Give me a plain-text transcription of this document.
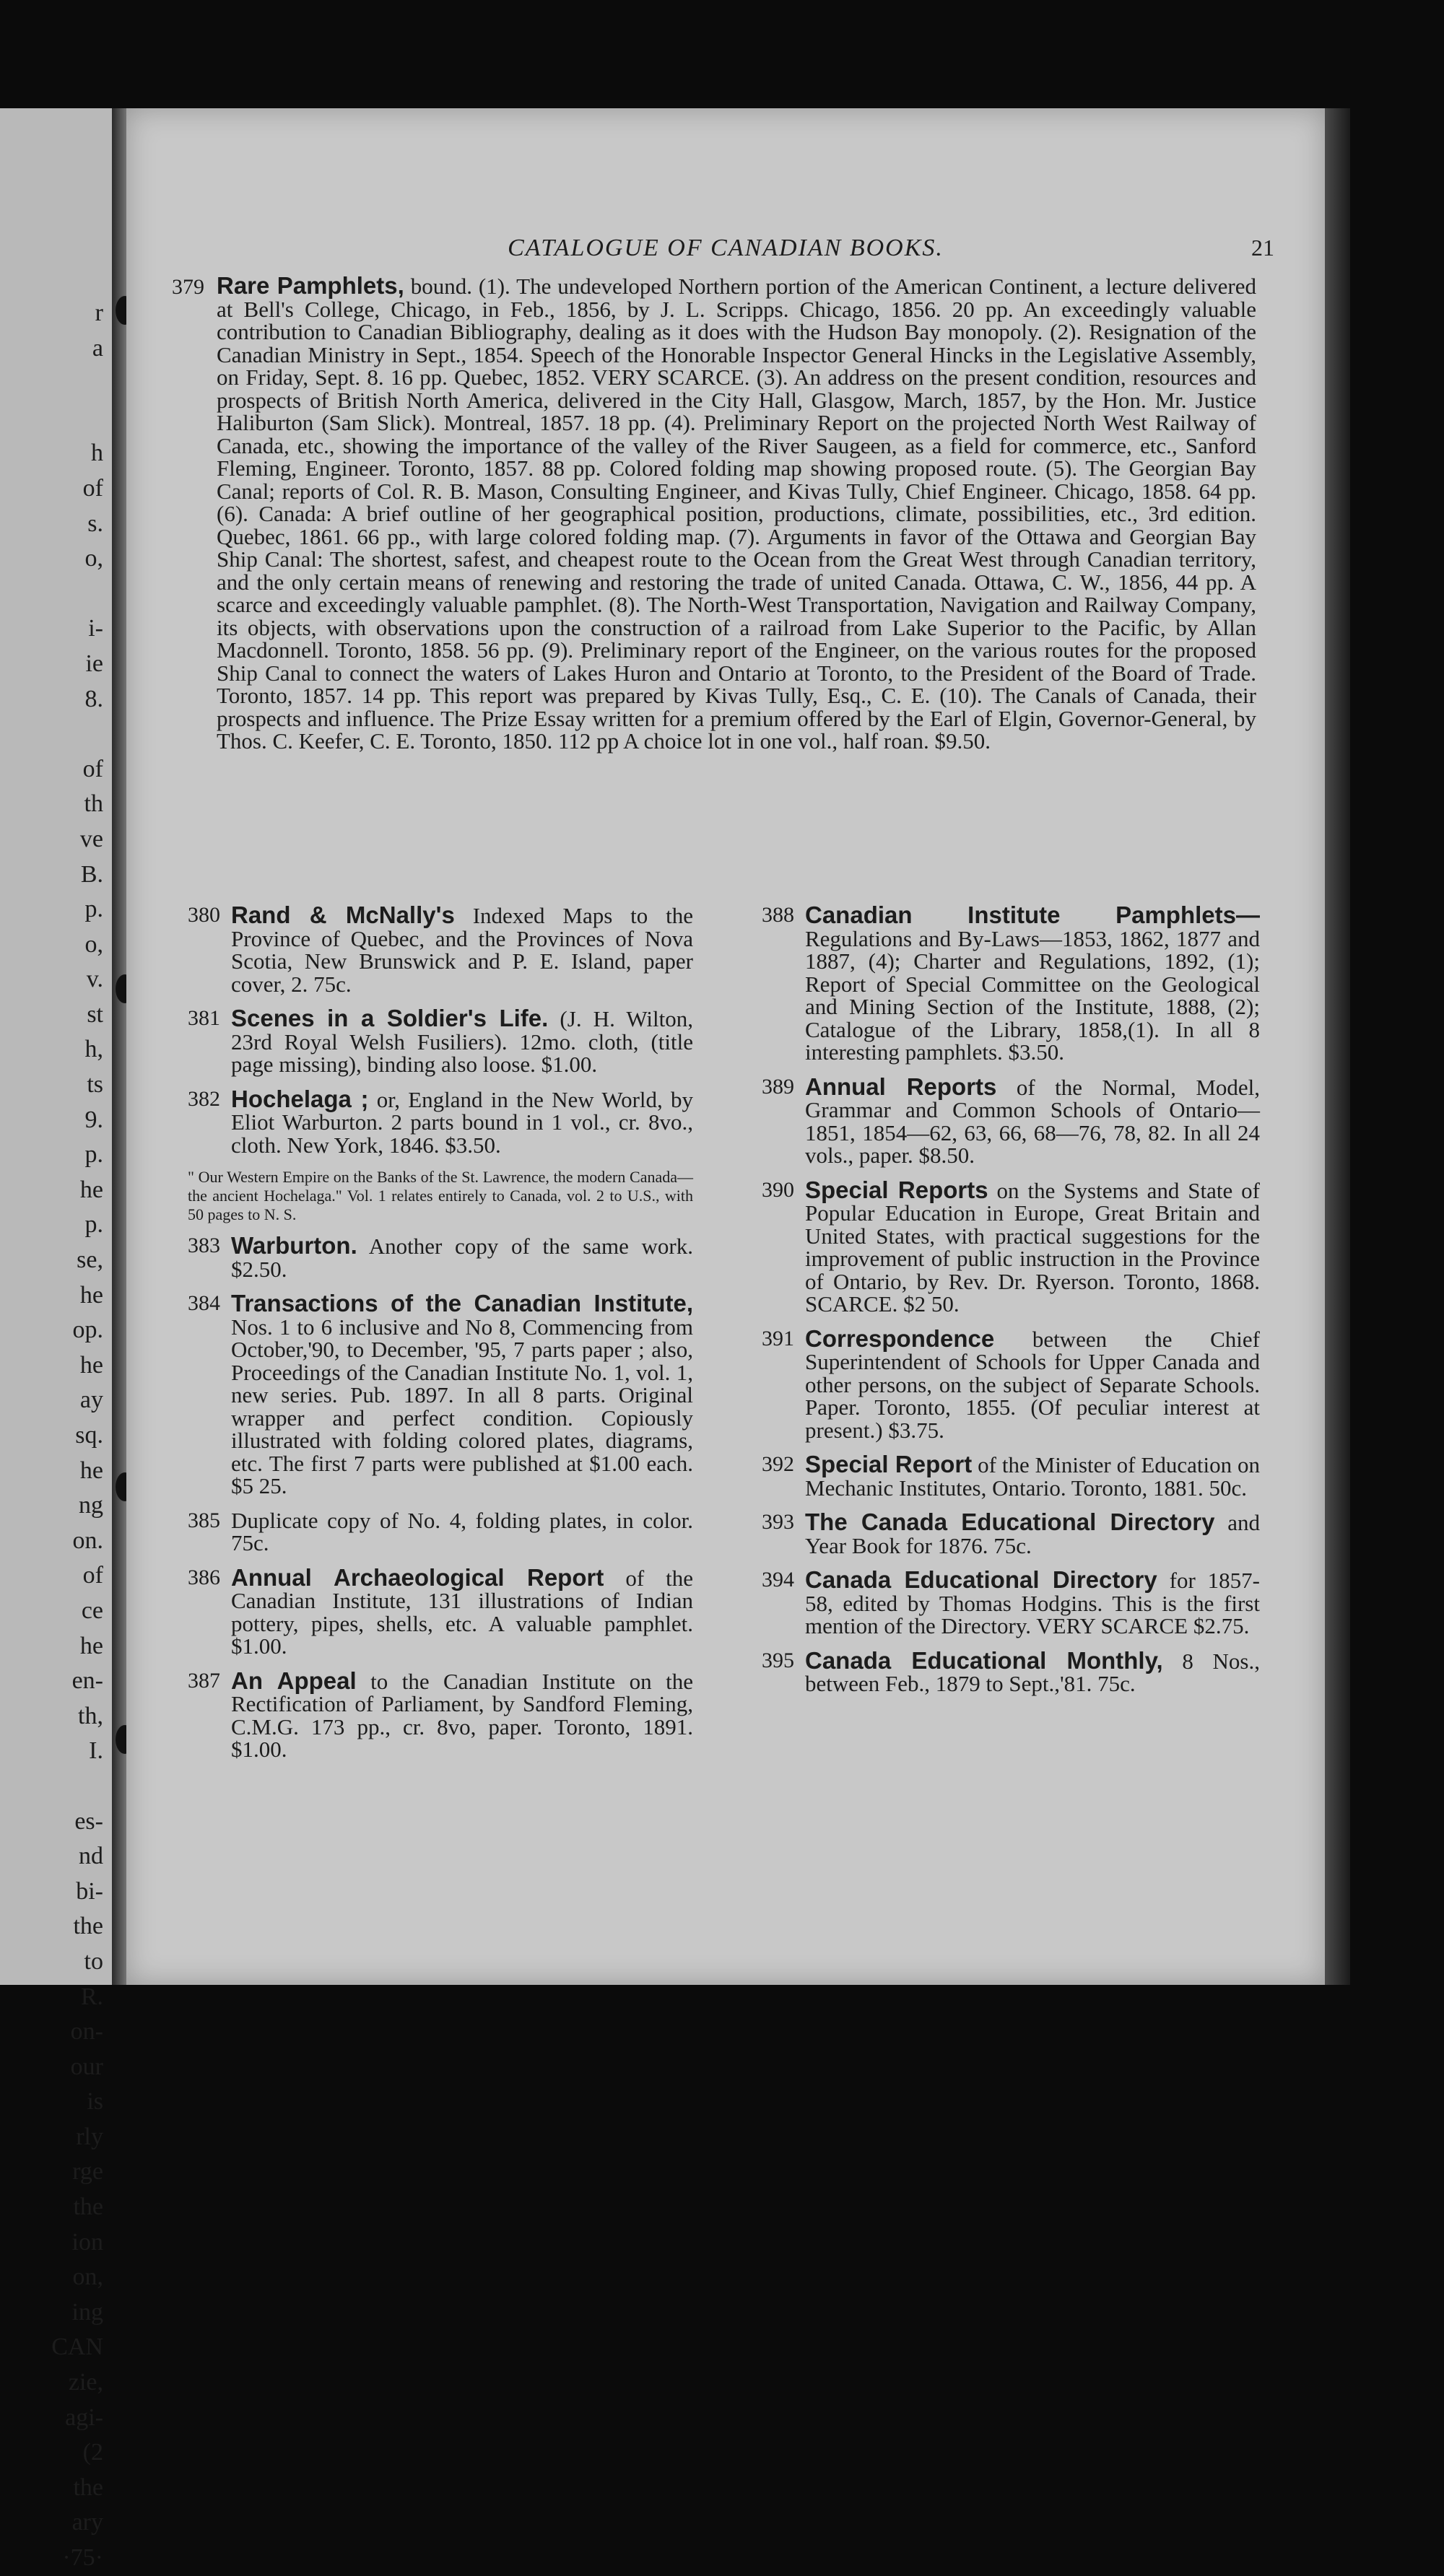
r
a
h
of
s.
o,
i-
ie
8.
of
th
ve
B.
p.
o,
v.
st
h,
ts
9.
p.
he
p.
se,
he
op.
he
ay
sq.
he
ng
on.
of
ce
he
en-
th,
I.
es-
nd
bi-
the
to
R.
on-
our
is
rly
rge
the
ion
on,
ing
CAN
zie,
agi-
(2
the
ary
·75·
CATALOGUE OF CANADIAN BOOKS.	21
379 Rare Pamphlets, bound. (1). The undeveloped Northern portion of the American Continent, a lecture delivered at Bell's College, Chicago, in Feb., 1856, by J. L. Scripps. Chicago, 1856. 20 pp. An exceedingly valuable contribution to Canadian Bibliography, dealing as it does with the Hudson Bay monopoly. (2). Resignation of the Canadian Ministry in Sept., 1854. Speech of the Honorable Inspector General Hincks in the Legislative Assembly, on Friday, Sept. 8. 16 pp. Quebec, 1852. VERY SCARCE. (3). An address on the present condition, resources and prospects of British North America, delivered in the City Hall, Glasgow, March, 1857, by the Hon. Mr. Justice Haliburton (Sam Slick). Montreal, 1857. 18 pp. (4). Preliminary Report on the projected North West Railway of Canada, etc., showing the importance of the valley of the River Saugeen, as a field for commerce, etc., Sanford Fleming, Engineer. Toronto, 1857. 88 pp. Colored folding map showing proposed route. (5). The Georgian Bay Canal; reports of Col. R. B. Mason, Consulting Engineer, and Kivas Tully, Chief Engineer. Chicago, 1858. 64 pp. (6). Canada: A brief outline of her geographical position, productions, climate, possibilities, etc., 3rd edition. Quebec, 1861. 66 pp., with large colored folding map. (7). Arguments in favor of the Ottawa and Georgian Bay Ship Canal: The shortest, safest, and cheapest route to the Ocean from the Great West through Canadian territory, and the only certain means of renewing and restoring the trade of united Canada. Ottawa, C. W., 1856, 44 pp. A scarce and exceedingly valuable pamphlet. (8). The North-West Transportation, Navigation and Railway Company, its objects, with observations upon the construction of a railroad from Lake Superior to the Pacific, by Allan Macdonnell. Toronto, 1858. 56 pp. (9). Preliminary report of the Engineer, on the various routes for the proposed Ship Canal to connect the waters of Lakes Huron and Ontario at Toronto, to the President of the Board of Trade. Toronto, 1857. 14 pp. This report was prepared by Kivas Tully, Esq., C. E. (10). The Canals of Canada, their prospects and influence. The Prize Essay written for a premium offered by the Earl of Elgin, Governor-General, by Thos. C. Keefer, C. E. Toronto, 1850. 112 pp A choice lot in one vol., half roan. $9.50.
380 Rand & McNally's Indexed Maps to the Province of Quebec, and the Provinces of Nova Scotia, New Brunswick and P. E. Island, paper cover, 2. 75c.
381 Scenes in a Soldier's Life. (J. H. Wilton, 23rd Royal Welsh Fusiliers). 12mo. cloth, (title page missing), binding also loose. $1.00.
382 Hochelaga ; or, England in the New World, by Eliot Warburton. 2 parts bound in 1 vol., cr. 8vo., cloth. New York, 1846. $3.50.
" Our Western Empire on the Banks of the St. Lawrence, the modern Canada—the ancient Hochelaga." Vol. 1 relates entirely to Canada, vol. 2 to U.S., with 50 pages to N. S.
383 Warburton. Another copy of the same work. $2.50.
384 Transactions of the Canadian Institute, Nos. 1 to 6 inclusive and No 8, Commencing from October,'90, to December, '95, 7 parts paper ; also, Proceedings of the Canadian Institute No. 1, vol. 1, new series. Pub. 1897. In all 8 parts. Original wrapper and perfect condition. Copiously illustrated with folding colored plates, diagrams, etc. The first 7 parts were published at $1.00 each. $5 25.
385 Duplicate copy of No. 4, folding plates, in color. 75c.
386 Annual Archaeological Report of the Canadian Institute, 131 illustrations of Indian pottery, pipes, shells, etc. A valuable pamphlet. $1.00.
387 An Appeal to the Canadian Institute on the Rectification of Parliament, by Sandford Fleming, C.M.G. 173 pp., cr. 8vo, paper. Toronto, 1891. $1.00.
388 Canadian Institute Pamphlets— Regulations and By-Laws—1853, 1862, 1877 and 1887, (4); Charter and Regulations, 1892, (1); Report of Special Committee on the Geological and Mining Section of the Institute, 1888, (2); Catalogue of the Library, 1858,(1). In all 8 interesting pamphlets. $3.50.
389 Annual Reports of the Normal, Model, Grammar and Common Schools of Ontario—1851, 1854—62, 63, 66, 68—76, 78, 82. In all 24 vols., paper. $8.50.
390 Special Reports on the Systems and State of Popular Education in Europe, Great Britain and United States, with practical suggestions for the improvement of public instruction in the Province of Ontario, by Rev. Dr. Ryerson. Toronto, 1868. SCARCE. $2 50.
391 Correspondence between the Chief Superintendent of Schools for Upper Canada and other persons, on the subject of Separate Schools. Paper. Toronto, 1855. (Of peculiar interest at present.) $3.75.
392 Special Report of the Minister of Education on Mechanic Institutes, Ontario. Toronto, 1881. 50c.
393 The Canada Educational Directory and Year Book for 1876. 75c.
394 Canada Educational Directory for 1857-58, edited by Thomas Hodgins. This is the first mention of the Directory. VERY SCARCE $2.75.
395 Canada Educational Monthly, 8 Nos., between Feb., 1879 to Sept.,'81. 75c.
